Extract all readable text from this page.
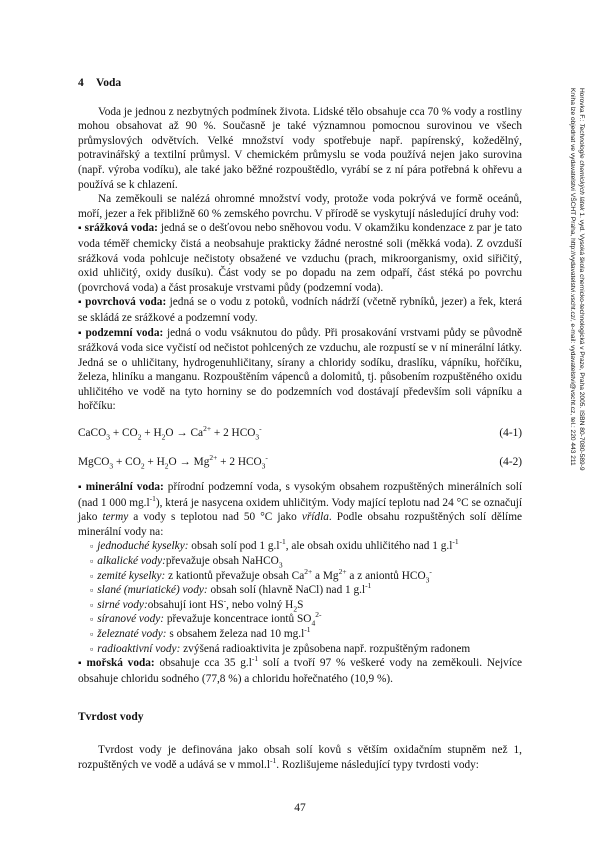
Horovka F.: Technologie chemických látek 1. vyd. Vysoká škola chemicko-technologická v Praze, Praha 2005. ISBN 80-7080-589-9
Kniha lze objednat ve vydavatelství VŠCHT Praha, http://vydavatelstvi.vscht.cz/, e-mail: vydavatelstvi@vscht.cz, tel.: 220 443 211
4 Voda

Voda je jednou z nezbytných podmínek života. Lidské tělo obsahuje cca 70 % vody a rostliny mohou obsahovat až 90 %. Současně je také významnou pomocnou surovinou ve všech průmyslových odvětvích. Velké množství vody spotřebuje např. papírenský, kožedělný, potravinářský a textilní průmysl. V chemickém průmyslu se voda používá nejen jako surovina (např. výroba vodíku), ale také jako běžné rozpouštědlo, vyrábí se z ní pára potřebná k ohřevu a používá se k chlazení.

Na zeměkouli se nalézá ohromné množství vody, protože voda pokrývá ve formě oceánů, moří, jezer a řek přibližně 60 % zemského povrchu. V přírodě se vyskytují následující druhy vod:

▪ srážková voda: jedná se o dešťovou nebo sněhovou vodu. V okamžiku kondenzace z par je tato voda téměř chemicky čistá a neobsahuje prakticky žádné nerostné soli (měkká voda). Z ovzduší srážková voda pohlcuje nečistoty obsažené ve vzduchu (prach, mikroorganismy, oxid siřičitý, oxid uhličitý, oxidy dusíku). Část vody se po dopadu na zem odpaří, část stéká po povrchu (povrchová voda) a část prosakuje vrstvami půdy (podzemní voda).

▪ povrchová voda: jedná se o vodu z potoků, vodních nádrží (včetně rybníků, jezer) a řek, která se skládá ze srážkové a podzemní vody.

▪ podzemní voda: jedná o vodu vsáknutou do půdy. Při prosakování vrstvami půdy se původně srážková voda sice vyčistí od nečistot pohlcených ze vzduchu, ale rozpustí se v ní minerální látky. Jedná se o uhličitany, hydrogenuhličitany, sírany a chloridy sodíku, draslíku, vápníku, hořčíku, železa, hliníku a manganu. Rozpouštěním vápenců a dolomitů, tj. působením rozpuštěného oxidu uhličitého ve vodě na tyto horniny se do podzemních vod dostávají především soli vápníku a hořčíku:

CaCO$_3$ + $CO_2 + H_2O \to Ca^{2+} + 2$ $HCO_3^-$	(4-1)
MgCO$_3$ + $CO_2 + H_2O \to Mg^{2+} + 2$ $HCO_3^-$	(4-2)

▪ minerální voda: přírodní podzemní voda, s vysokým obsahem rozpuštěných minerálních solí (nad 1 000 $mg.l^{-1}$), která je nasycena oxidem uhličitým. Vody mající teplotu nad 24 °C se označují jako termy a vody s teplotou nad 50 °C jako vřídla. Podle obsahu rozpuštěných solí dělíme minerální vody na:

▫ jednoduché kyselky: obsah solí pod 1 $g.l^{-1}$, ale obsah oxidu uhličitého nad 1 $g.l^{-1}$
▫ alkalické vody:převažuje obsah NaHCO$_3$
▫ zemité kyselky: z kationtů převažuje obsah $Ca^{2+}$ a $Mg^{2+}$ a z aniontů $HCO_3^-$
▫ slané (muriatické) vody: obsah solí (hlavně NaCl) nad 1 $g.l^{-1}$
▫ sirné vody:obsahují iont HS-, nebo volný $H_2S$
▫ síranové vody: převažuje koncentrace iontů $SO_4^{2-}$
▫ železnaté vody: s obsahem železa nad 10 $mg.l^{-1}$
▫ radioaktivní vody: zvýšená radioaktivita je způsobena např. rozpuštěným radonem

▪ mořská voda: obsahuje cca 35 $g.l^{-1}$ solí a tvoří 97 % veškeré vody na zeměkouli. Nejvíce obsahuje chloridu sodného (77,8 %) a chloridu hořečnatého (10,9 %).

Tvrdost vody

Tvrdost vody je definována jako obsah solí kovů s větším oxidačním stupněm než 1, rozpuštěných ve vodě a udává se v $mmol.l^{-1}$. Rozlišujeme následující typy tvrdosti vody:

47
